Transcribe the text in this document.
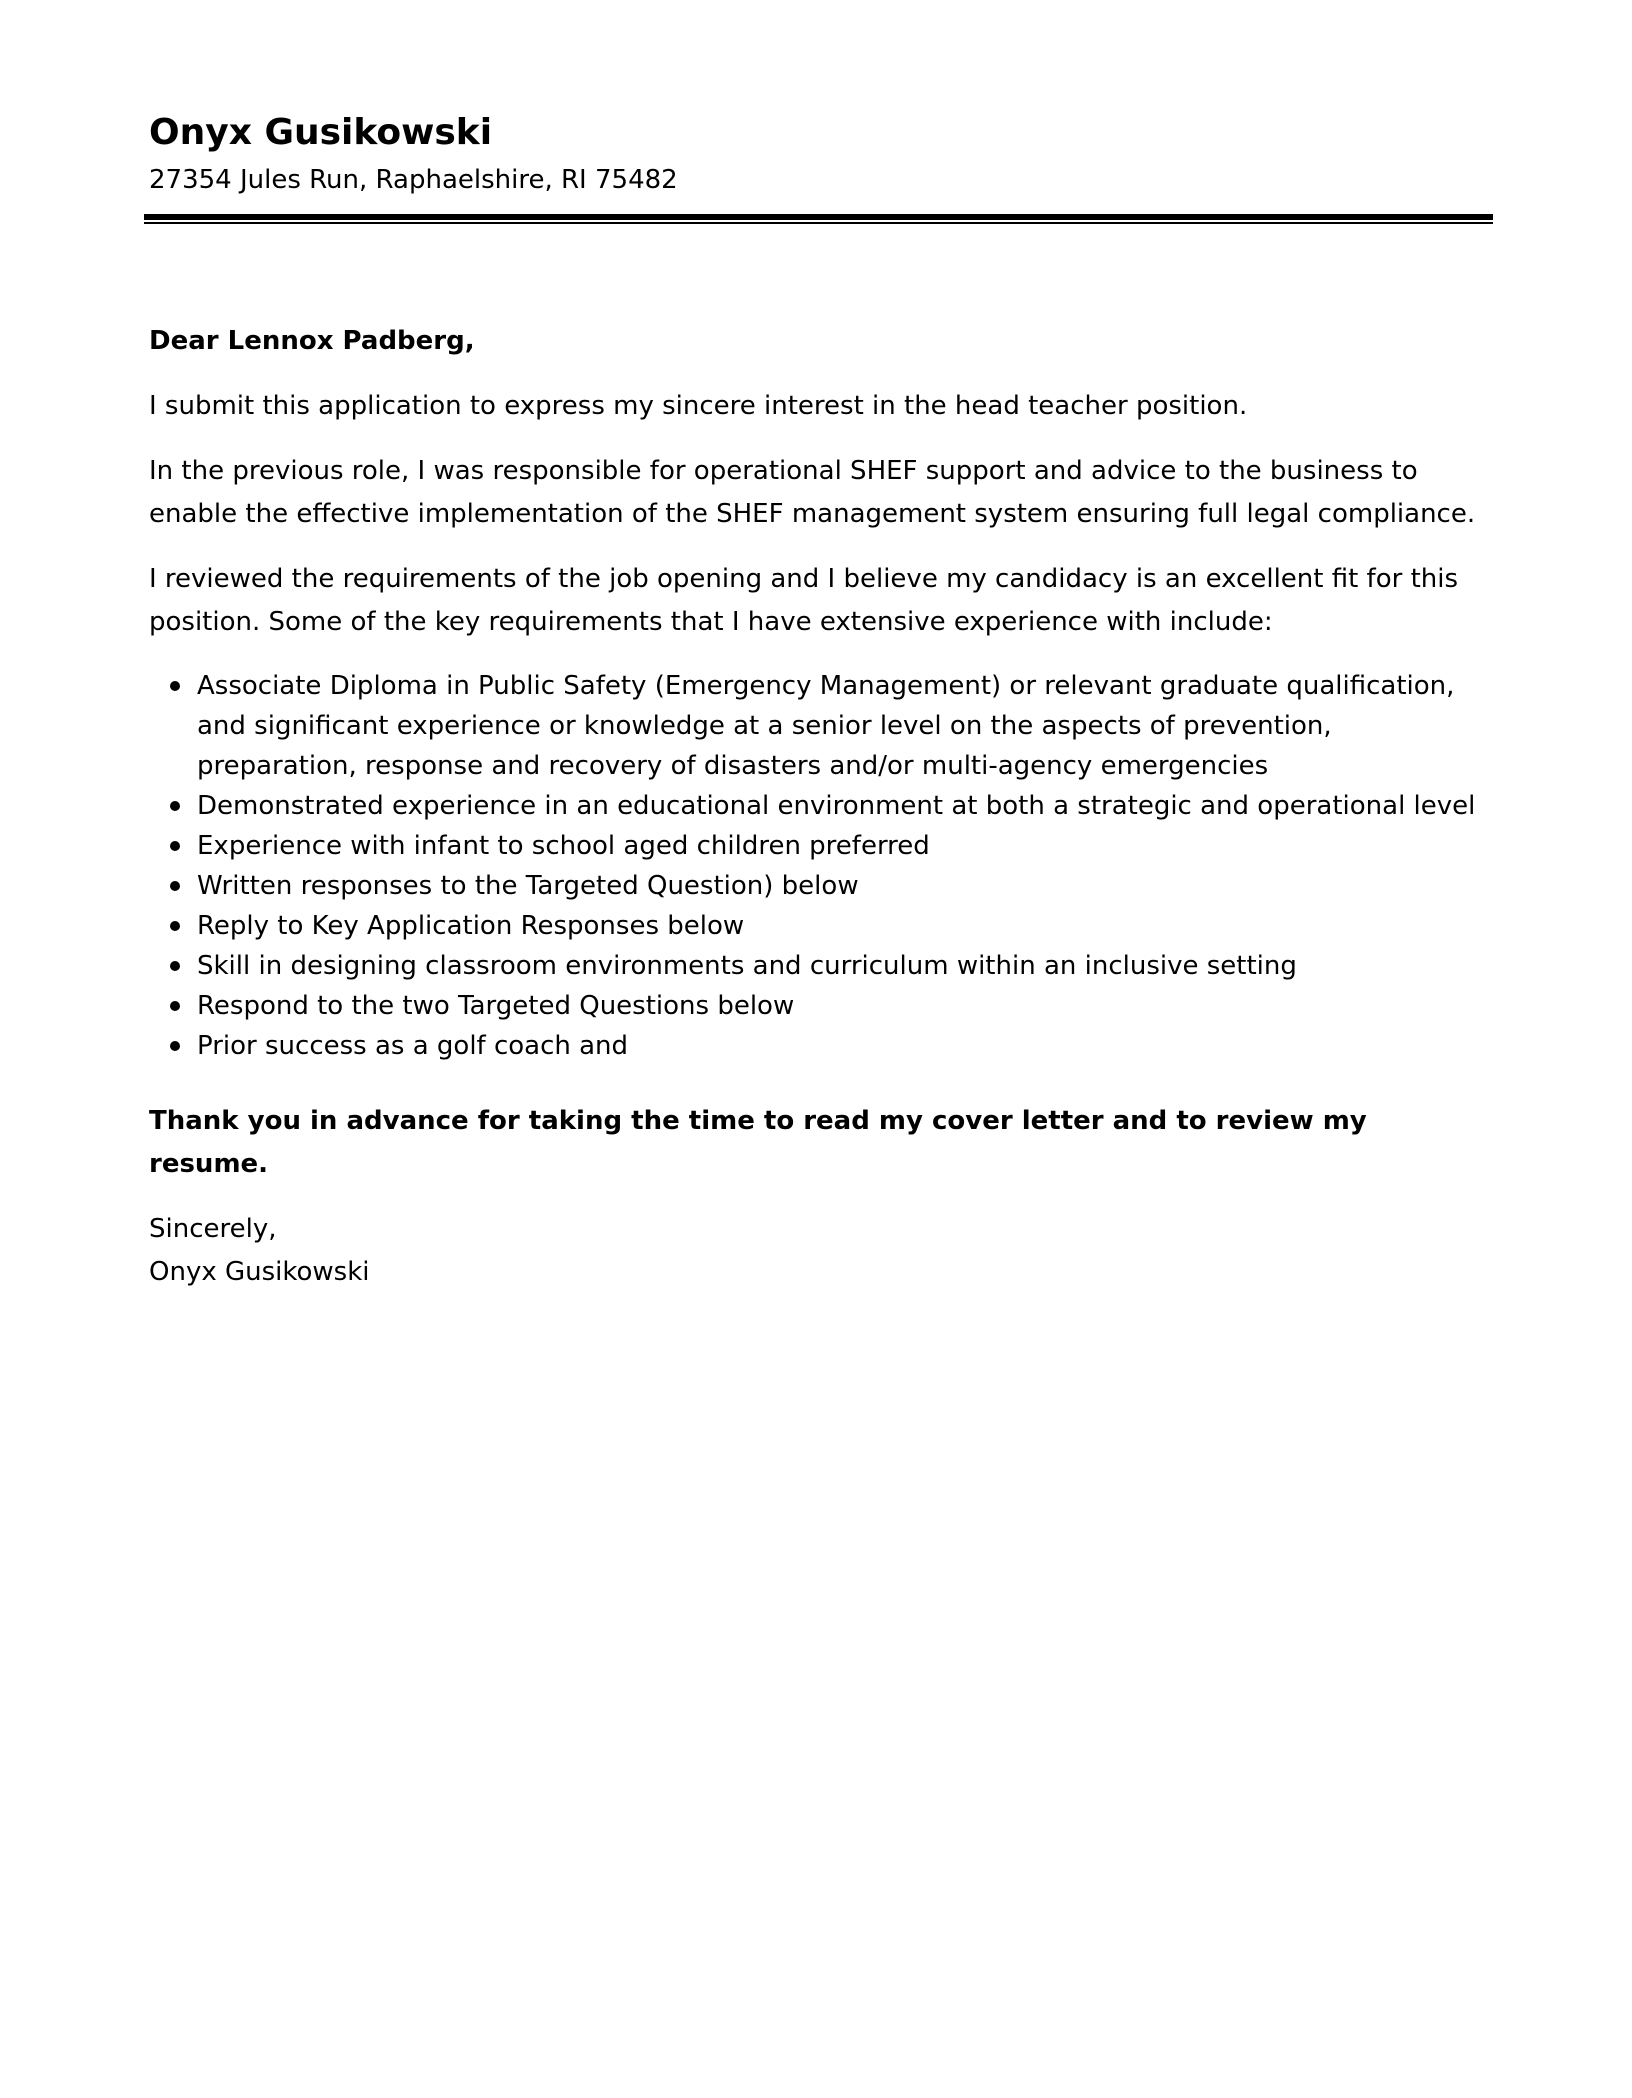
Onyx Gusikowski
27354 Jules Run, Raphaelshire, RI 75482

Dear Lennox Padberg,

I submit this application to express my sincere interest in the head teacher position.

In the previous role, I was responsible for operational SHEF support and advice to the business to enable the effective implementation of the SHEF management system ensuring full legal compliance.

I reviewed the requirements of the job opening and I believe my candidacy is an excellent fit for this position. Some of the key requirements that I have extensive experience with include:

Associate Diploma in Public Safety (Emergency Management) or relevant graduate qualification, and significant experience or knowledge at a senior level on the aspects of prevention, preparation, response and recovery of disasters and/or multi-agency emergencies
Demonstrated experience in an educational environment at both a strategic and operational level
Experience with infant to school aged children preferred
Written responses to the Targeted Question) below
Reply to Key Application Responses below
Skill in designing classroom environments and curriculum within an inclusive setting
Respond to the two Targeted Questions below
Prior success as a golf coach and

Thank you in advance for taking the time to read my cover letter and to review my resume.

Sincerely,

Onyx Gusikowski
